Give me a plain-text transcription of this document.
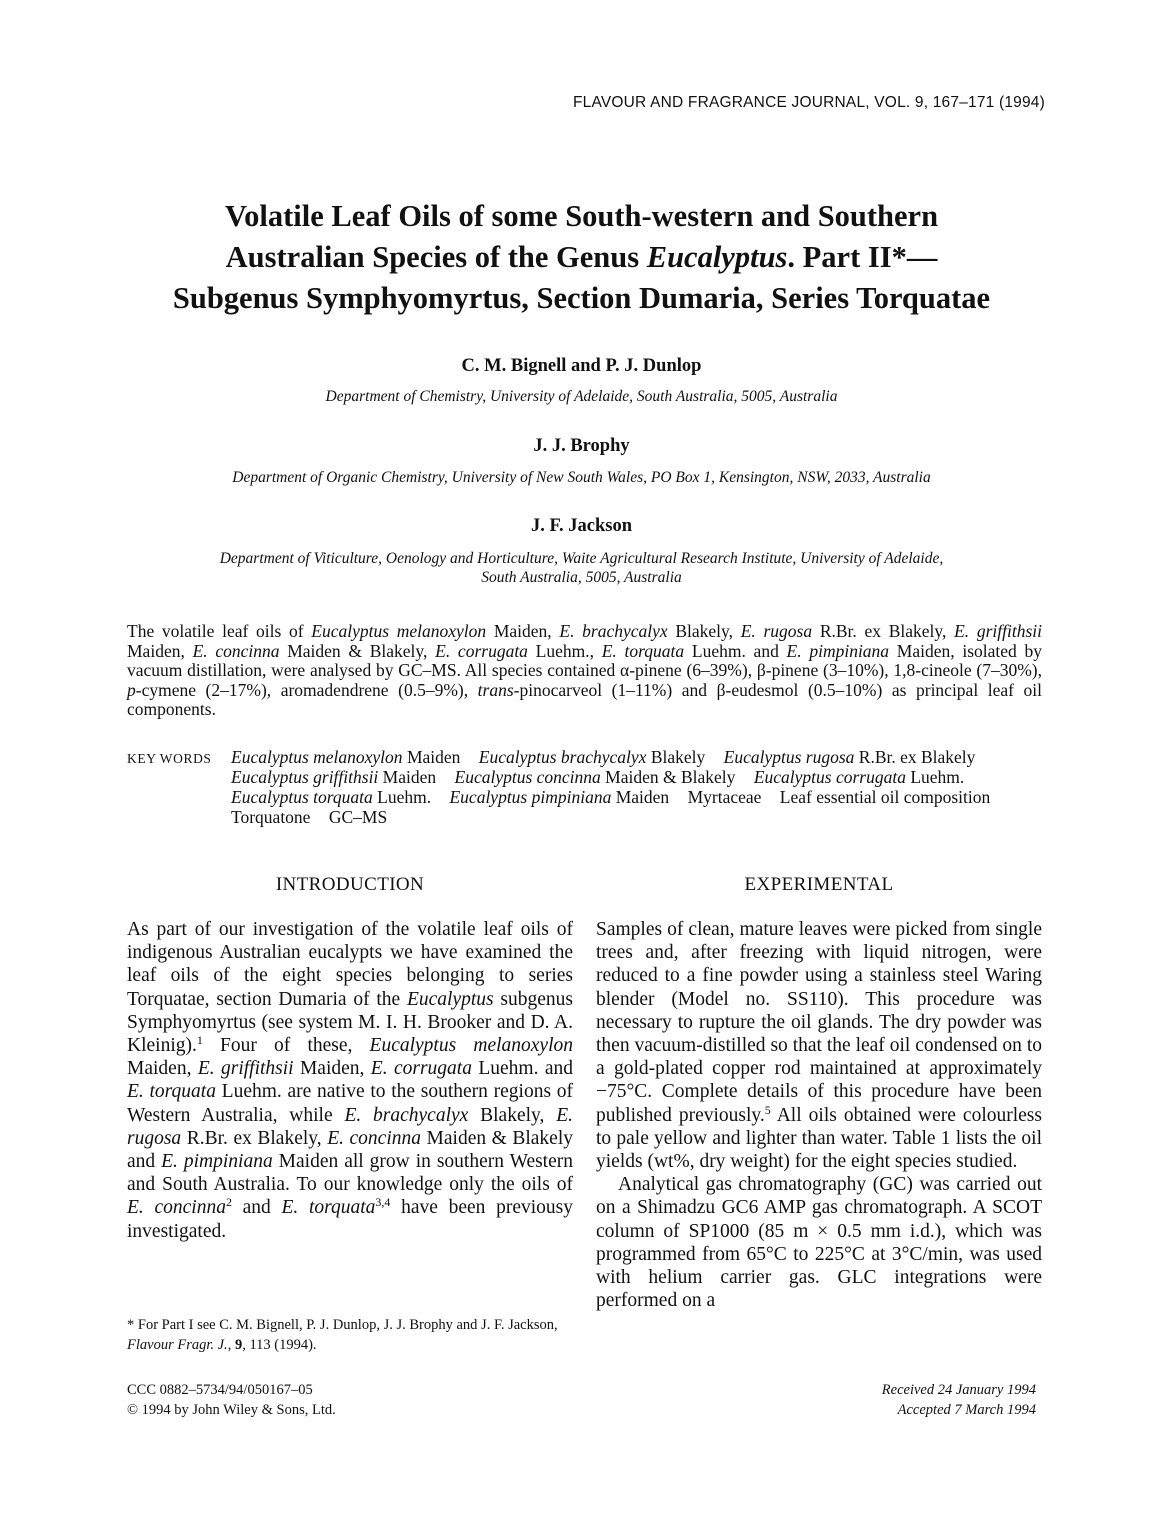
FLAVOUR AND FRAGRANCE JOURNAL, VOL. 9, 167–171 (1994)
Volatile Leaf Oils of some South-western and Southern
Australian Species of the Genus Eucalyptus. Part II*—
Subgenus Symphyomyrtus, Section Dumaria, Series Torquatae
C. M. Bignell and P. J. Dunlop
Department of Chemistry, University of Adelaide, South Australia, 5005, Australia
J. J. Brophy
Department of Organic Chemistry, University of New South Wales, PO Box 1, Kensington, NSW, 2033, Australia
J. F. Jackson
Department of Viticulture, Oenology and Horticulture, Waite Agricultural Research Institute, University of Adelaide,
South Australia, 5005, Australia
The volatile leaf oils of Eucalyptus melanoxylon Maiden, E. brachycalyx Blakely, E. rugosa R.Br. ex Blakely, E. griffithsii Maiden, E. concinna Maiden & Blakely, E. corrugata Luehm., E. torquata Luehm. and E. pimpiniana Maiden, isolated by vacuum distillation, were analysed by GC–MS. All species contained α-pinene (6–39%), β-pinene (3–10%), 1,8-cineole (7–30%), p-cymene (2–17%), aromadendrene (0.5–9%), trans-pinocarveol (1–11%) and β-eudesmol (0.5–10%) as principal leaf oil components.
KEY WORDS Eucalyptus melanoxylon Maiden Eucalyptus brachycalyx Blakely Eucalyptus rugosa R.Br. ex Blakely Eucalyptus griffithsii Maiden Eucalyptus concinna Maiden & Blakely Eucalyptus corrugata Luehm. Eucalyptus torquata Luehm. Eucalyptus pimpiniana Maiden Myrtaceae Leaf essential oil composition Torquatone GC–MS
INTRODUCTION	EXPERIMENTAL

As part of our investigation of the volatile leaf oils of indigenous Australian eucalypts we have examined the leaf oils of the eight species belonging to series Torquatae, section Dumaria of the Eucalyptus subgenus Symphyomyrtus (see system M. I. H. Brooker and D. A. Kleinig).$^1$ Four of these, Eucalyptus melanoxylon Maiden, E. griffithsii Maiden, E. corrugata Luehm. and E. torquata Luehm. are native to the southern regions of Western Australia, while E. brachycalyx Blakely, E. rugosa R.Br. ex Blakely, E. concinna Maiden & Blakely and E. pimpiniana Maiden all grow in southern Western and South Australia. To our knowledge only the oils of E. concinna$^2$ and E. torquata$^{3,4}$ have been previousy investigated.

* For Part I see C. M. Bignell, P. J. Dunlop, J. J. Brophy and J. F. Jackson, Flavour Fragr. J., 9, 113 (1994).

Samples of clean, mature leaves were picked from single trees and, after freezing with liquid nitrogen, were reduced to a fine powder using a stainless steel Waring blender (Model no. SS110). This procedure was necessary to rupture the oil glands. The dry powder was then vacuum-distilled so that the leaf oil condensed on to a gold-plated copper rod maintained at approximately −75°C. Complete details of this procedure have been published previously.$^5$ All oils obtained were colourless to pale yellow and lighter than water. Table 1 lists the oil yields (wt%, dry weight) for the eight species studied.

Analytical gas chromatography (GC) was carried out on a Shimadzu GC6 AMP gas chromatograph. A SCOT column of SP1000 (85 m × 0.5 mm i.d.), which was programmed from 65°C to 225°C at 3°C/min, was used with helium carrier gas. GLC integrations were performed on a

CCC 0882–5734/94/050167–05
© 1994 by John Wiley & Sons, Ltd.
Received 24 January 1994
Accepted 7 March 1994
